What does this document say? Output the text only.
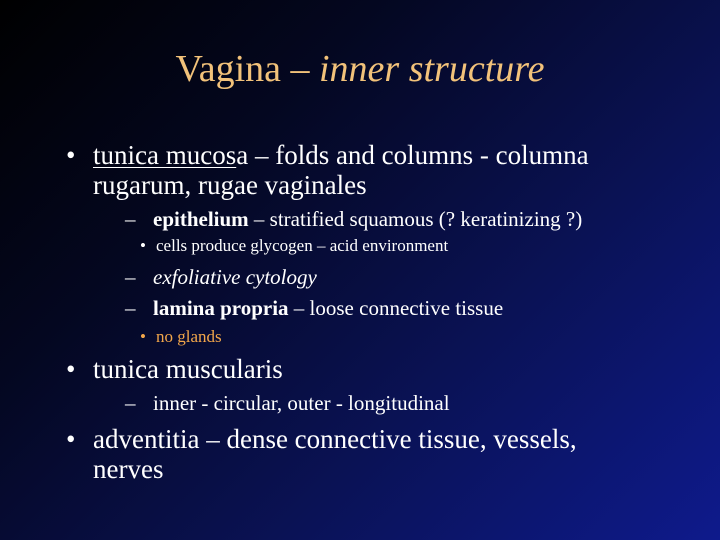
Vagina – inner structure
• tunica mucosa – folds and columns - columna
rugarum, rugae vaginales
– epithelium – stratified squamous (? keratinizing ?)
• cells produce glycogen – acid environment
– exfoliative cytology
– lamina propria – loose connective tissue
• no glands
• tunica muscularis
– inner - circular, outer - longitudinal
• adventitia – dense connective tissue, vessels,
nerves
